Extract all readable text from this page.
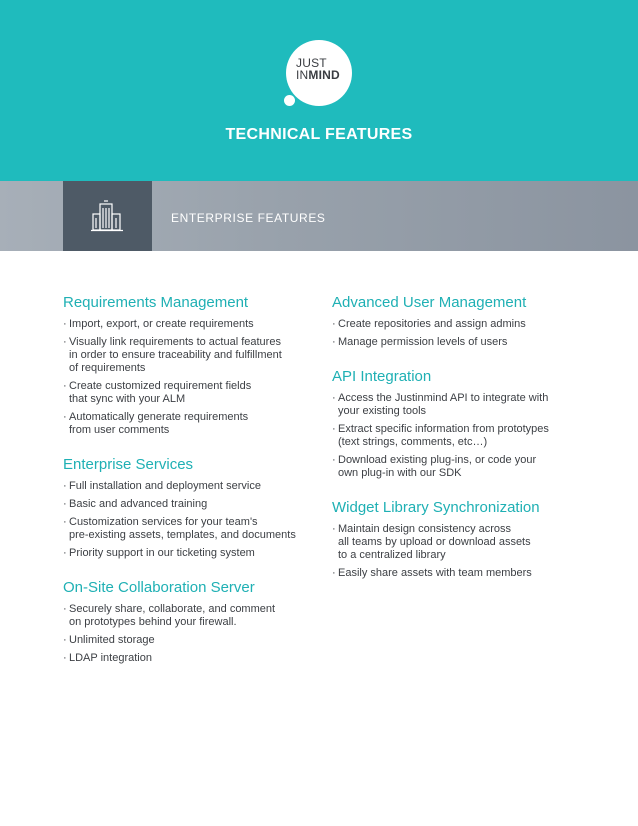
JUST
INMIND
TECHNICAL FEATURES
ENTERPRISE FEATURES
Requirements Management
· Import, export, or create requirements
· Visually link requirements to actual features
in order to ensure traceability and fulfillment
of requirements
· Create customized requirement fields
that sync with your ALM
· Automatically generate requirements
from user comments
Enterprise Services
· Full installation and deployment service
· Basic and advanced training
· Customization services for your team's
pre-existing assets, templates, and documents
· Priority support in our ticketing system
On-Site Collaboration Server
· Securely share, collaborate, and comment
on prototypes behind your firewall.
· Unlimited storage
· LDAP integration
Advanced User Management
· Create repositories and assign admins
· Manage permission levels of users
API Integration
· Access the Justinmind API to integrate with
your existing tools
· Extract specific information from prototypes
(text strings, comments, etc…)
· Download existing plug-ins, or code your
own plug-in with our SDK
Widget Library Synchronization
· Maintain design consistency across
all teams by upload or download assets
to a centralized library
· Easily share assets with team members
